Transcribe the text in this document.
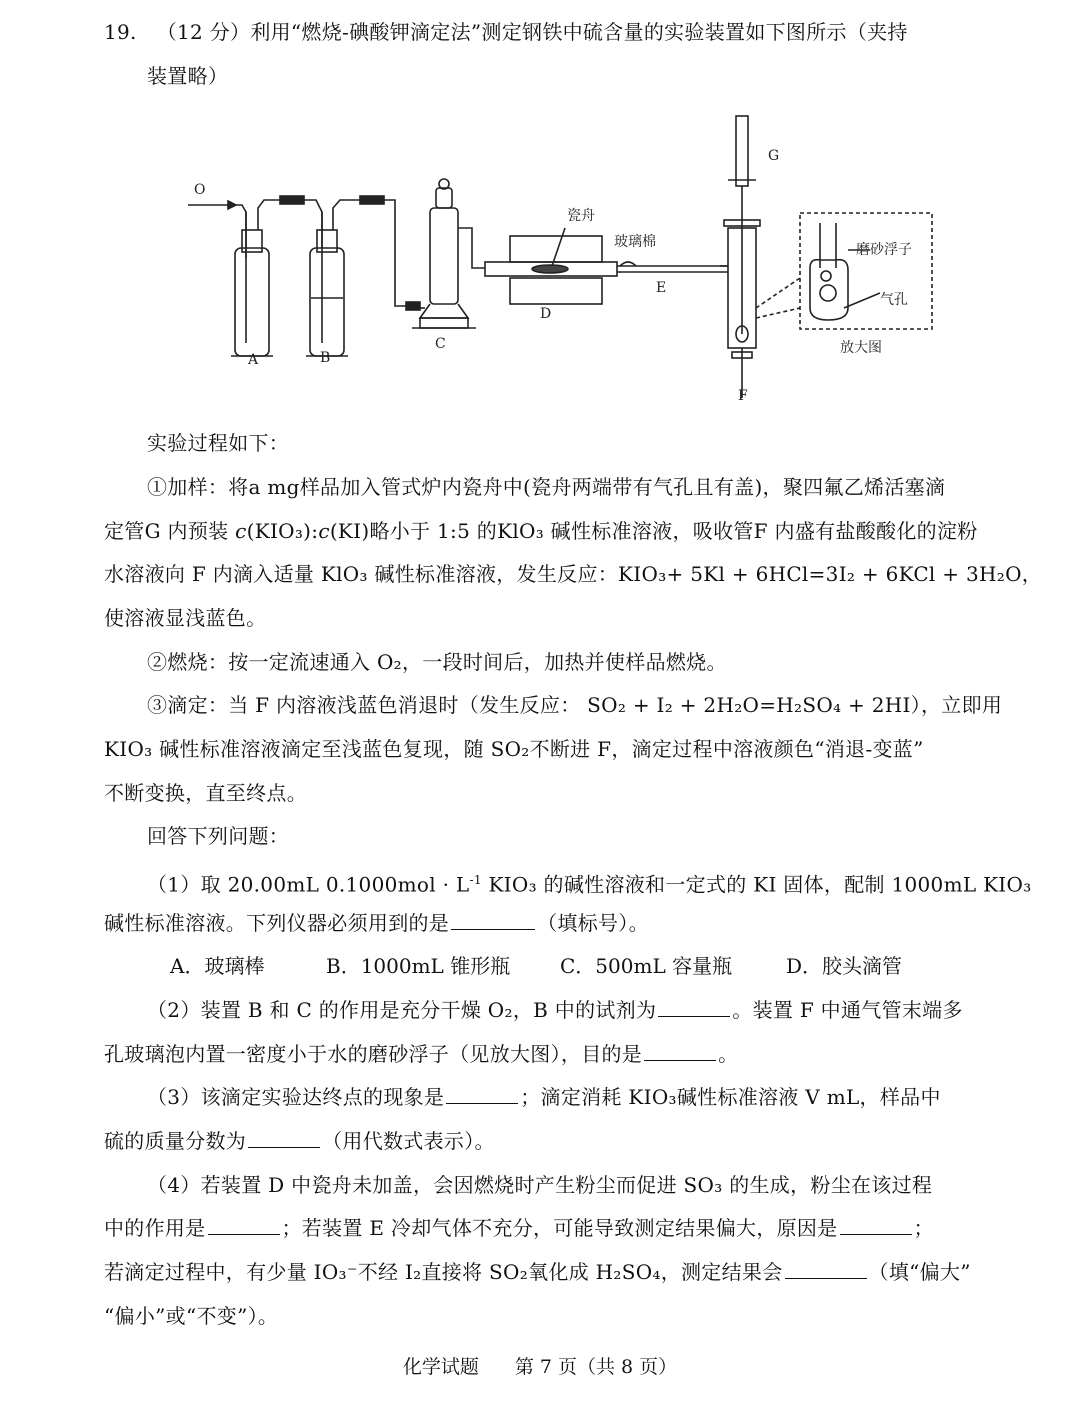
19. （12 分）利用“燃烧-碘酸钾滴定法”测定钢铁中硫含量的实验装置如下图所示（夹持
装置略）
O
A	B
C
D
E
F
G
瓷舟
玻璃棉	磨砂浮子
气孔
放大图
实验过程如下：
①加样：将a mg样品加入管式炉内瓷舟中(瓷舟两端带有气孔且有盖)，聚四氟乙烯活塞滴
定管G 内预装 c(KIO₃):c(KI)略小于 1:5 的KlO₃ 碱性标准溶液，吸收管F 内盛有盐酸酸化的淀粉
水溶液向 F 内滴入适量 KlO₃ 碱性标准溶液，发生反应：KIO₃+ 5Kl + 6HCl=3I₂ + 6KCl + 3H₂O，
使溶液显浅蓝色。
②燃烧：按一定流速通入 O₂，一段时间后，加热并使样品燃烧。
③滴定：当 F 内溶液浅蓝色消退时（发生反应： SO₂ + I₂ + 2H₂O=H₂SO₄ + 2HI），立即用
KIO₃ 碱性标准溶液滴定至浅蓝色复现，随 SO₂不断进 F，滴定过程中溶液颜色“消退-变蓝”
不断变换，直至终点。
回答下列问题：
（1）取 20.00mL $0.1000mol \cdot L^{-1}$ KIO₃ 的碱性溶液和一定式的 KI 固体，配制 1000mL KIO₃
碱性标准溶液。下列仪器必须用到的是	（填标号）。
A．玻璃棒	B．1000mL 锥形瓶 C．500mL 容量瓶	D．胶头滴管
（2）装置 B 和 C 的作用是充分干燥 O₂，B 中的试剂为	。装置 F 中通气管末端多
孔玻璃泡内置一密度小于水的磨砂浮子（见放大图），目的是	。
（3）该滴定实验达终点的现象是	；滴定消耗 KIO₃碱性标准溶液 V mL，样品中
硫的质量分数为	（用代数式表示）。
（4）若装置 D 中瓷舟未加盖，会因燃烧时产生粉尘而促进 SO₃ 的生成，粉尘在该过程
中的作用是	；若装置 E 冷却气体不充分，可能导致测定结果偏大，原因是	；
若滴定过程中，有少量 IO₃⁻不经 I₂直接将 SO₂氧化成 H₂SO₄，测定结果会	（填“偏大”
“偏小”或“不变”）。
化学试题 第 7 页（共 8 页）
